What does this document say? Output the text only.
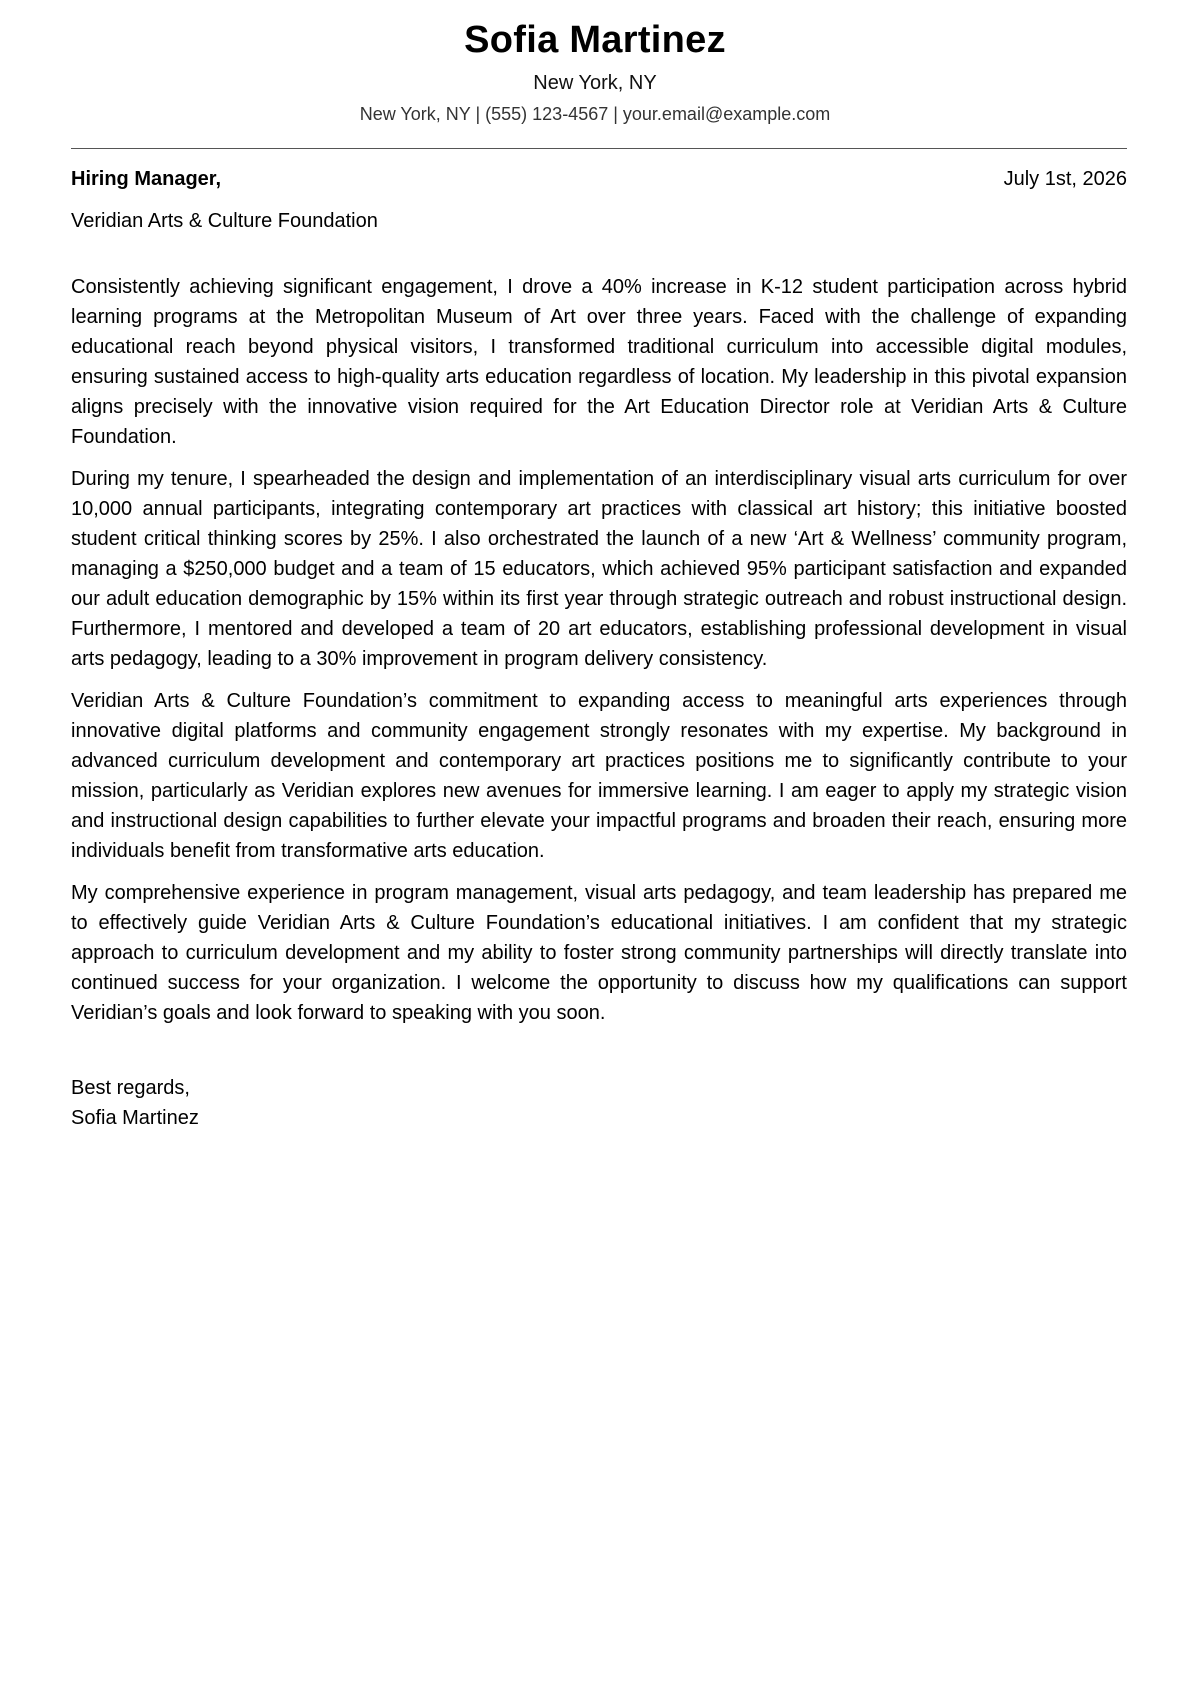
Sofia Martinez
New York, NY
New York, NY | (555) 123-4567 | your.email@example.com
Hiring Manager,	July 1st, 2026
Veridian Arts & Culture Foundation

Consistently achieving significant engagement, I drove a 40% increase in K-12 student participation across hybrid learning programs at the Metropolitan Museum of Art over three years. Faced with the challenge of expanding educational reach beyond physical visitors, I transformed traditional curriculum into accessible digital modules, ensuring sustained access to high-quality arts education regardless of location. My leadership in this pivotal expansion aligns precisely with the innovative vision required for the Art Education Director role at Veridian Arts & Culture Foundation.

During my tenure, I spearheaded the design and implementation of an interdisciplinary visual arts curriculum for over 10,000 annual participants, integrating contemporary art practices with classical art history; this initiative boosted student critical thinking scores by 25%. I also orchestrated the launch of a new ‘Art & Wellness’ community program, managing a $250,000 budget and a team of 15 educators, which achieved 95% participant satisfaction and expanded our adult education demographic by 15% within its first year through strategic outreach and robust instructional design. Furthermore, I mentored and developed a team of 20 art educators, establishing professional development in visual arts pedagogy, leading to a 30% improvement in program delivery consistency.

Veridian Arts & Culture Foundation’s commitment to expanding access to meaningful arts experiences through innovative digital platforms and community engagement strongly resonates with my expertise. My background in advanced curriculum development and contemporary art practices positions me to significantly contribute to your mission, particularly as Veridian explores new avenues for immersive learning. I am eager to apply my strategic vision and instructional design capabilities to further elevate your impactful programs and broaden their reach, ensuring more individuals benefit from transformative arts education.

My comprehensive experience in program management, visual arts pedagogy, and team leadership has prepared me to effectively guide Veridian Arts & Culture Foundation’s educational initiatives. I am confident that my strategic approach to curriculum development and my ability to foster strong community partnerships will directly translate into continued success for your organization. I welcome the opportunity to discuss how my qualifications can support Veridian’s goals and look forward to speaking with you soon.

Best regards,
Sofia Martinez
